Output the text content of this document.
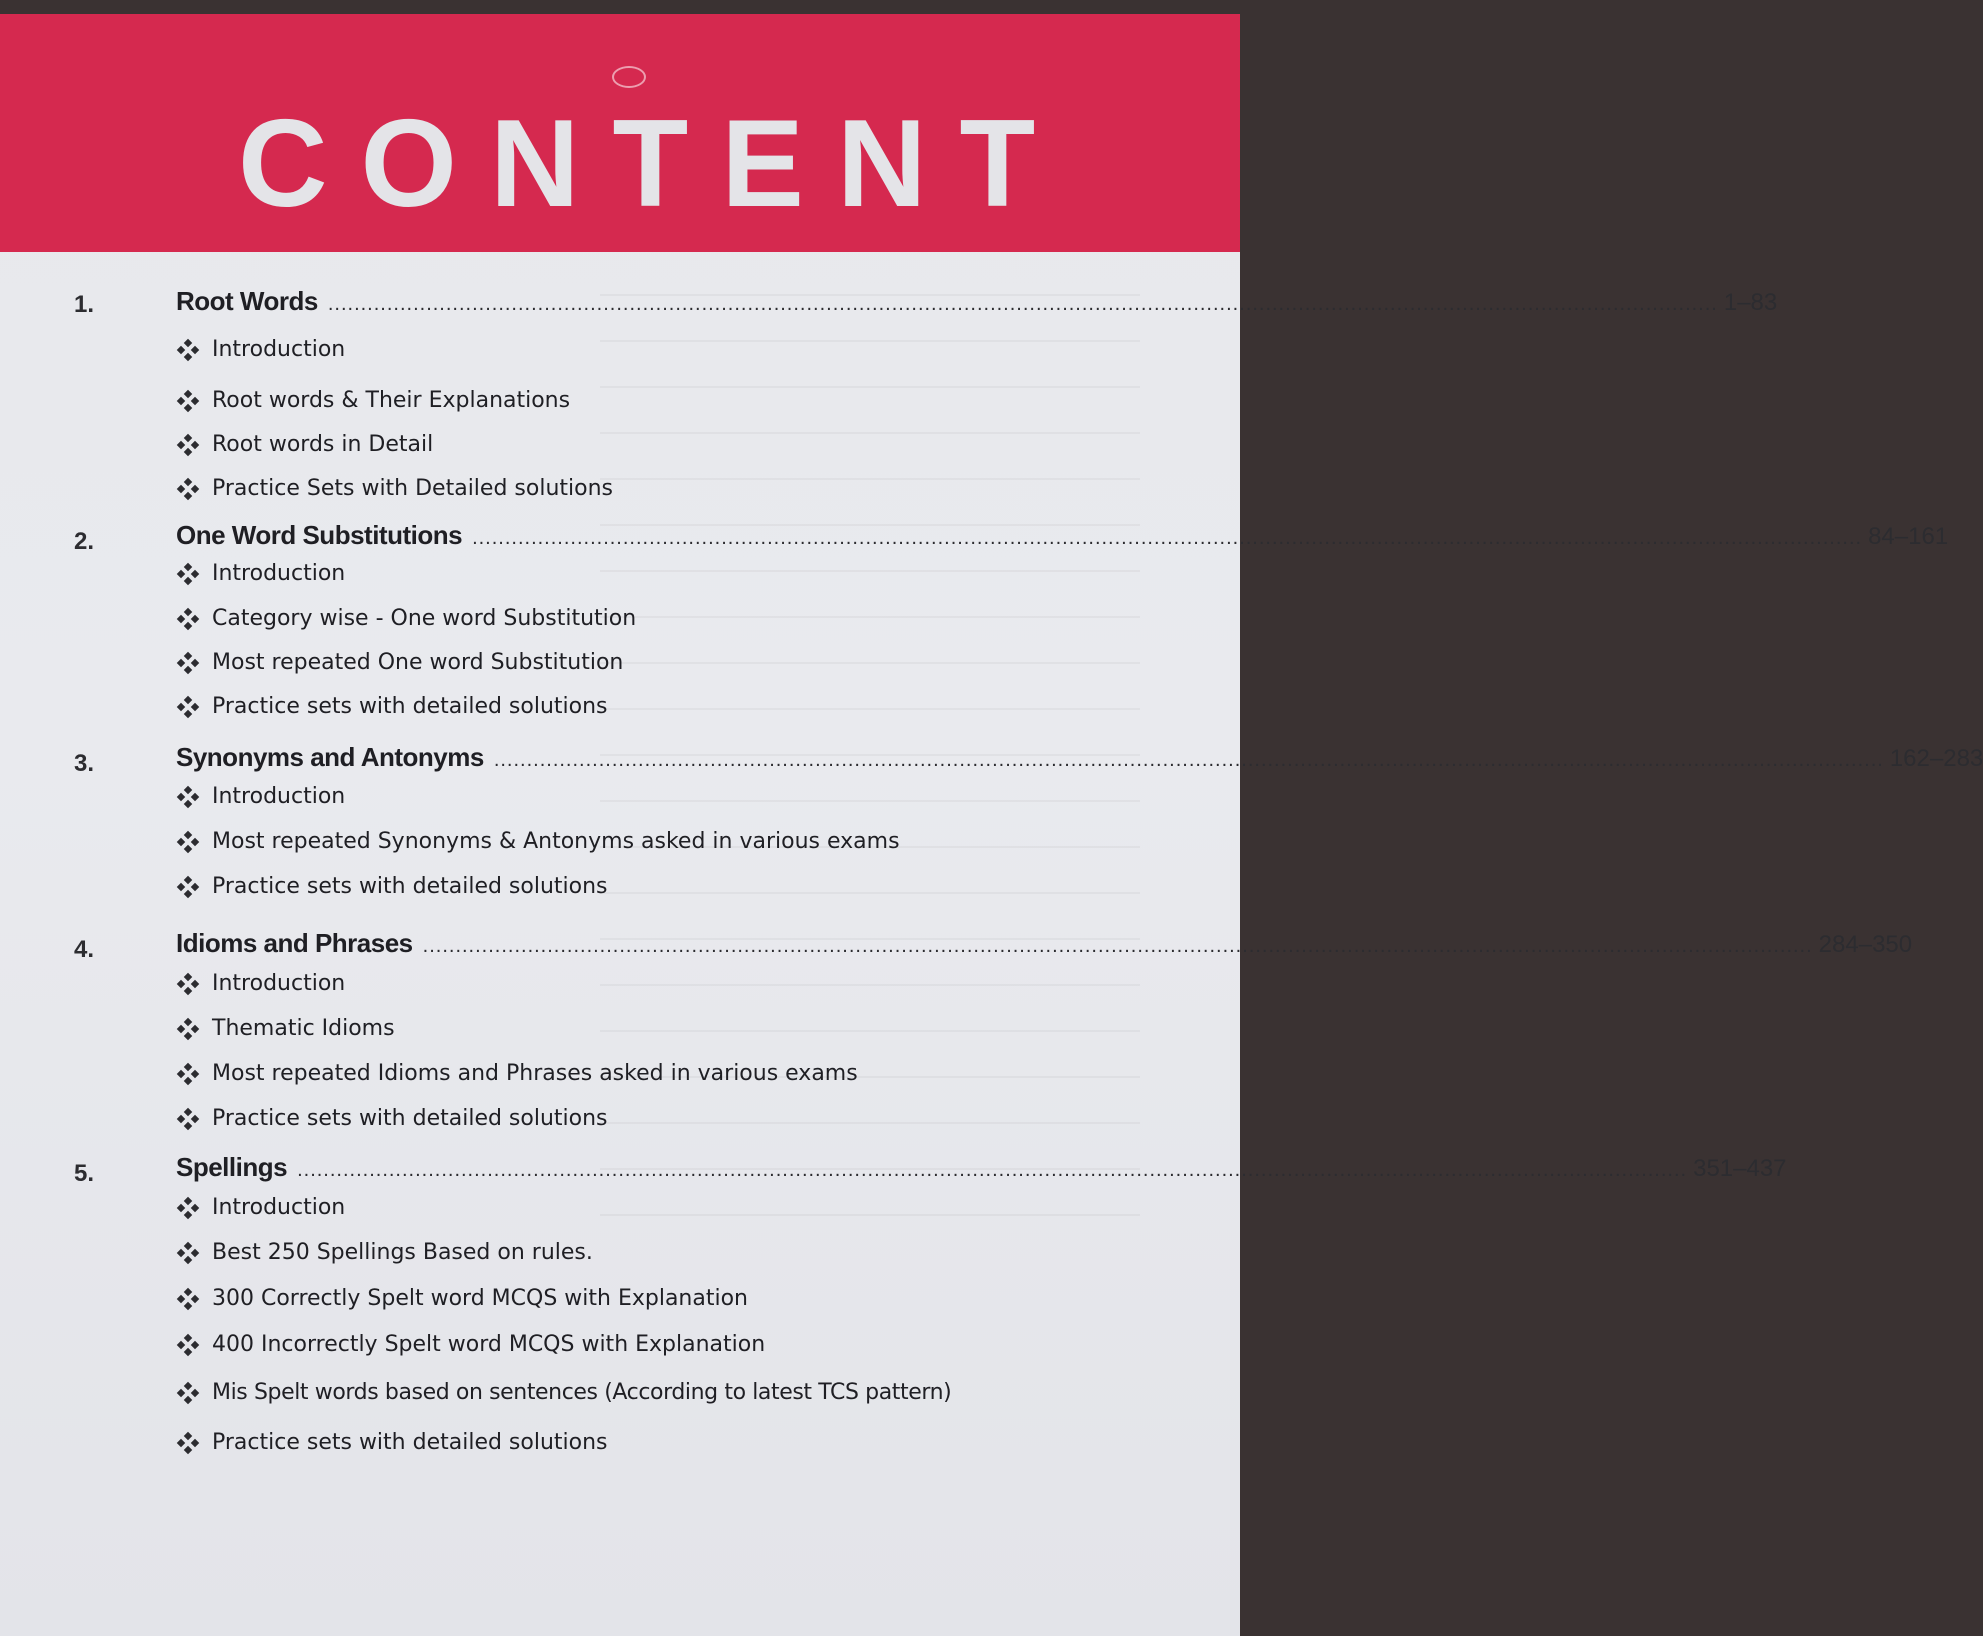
CONTENT
1.	Root Words .................................................................................................................................................................................................................... 1–83
Introduction
Root words & Their Explanations
Root words in Detail
Practice Sets with Detailed solutions
2.	One Word Substitutions .................................................................................................................................................................................................................... 84–161
Introduction
Category wise - One word Substitution
Most repeated One word Substitution
Practice sets with detailed solutions
3.	Synonyms and Antonyms .................................................................................................................................................................................................................... 162–283
Introduction
Most repeated Synonyms & Antonyms asked in various exams
Practice sets with detailed solutions
4.	Idioms and Phrases .................................................................................................................................................................................................................... 284–350
Introduction
Thematic Idioms
Most repeated Idioms and Phrases asked in various exams
Practice sets with detailed solutions
5.	Spellings .................................................................................................................................................................................................................... 351–437
Introduction
Best 250 Spellings Based on rules.
300 Correctly Spelt word MCQS with Explanation
400 Incorrectly Spelt word MCQS with Explanation
Mis Spelt words based on sentences (According to latest TCS pattern)
Practice sets with detailed solutions
